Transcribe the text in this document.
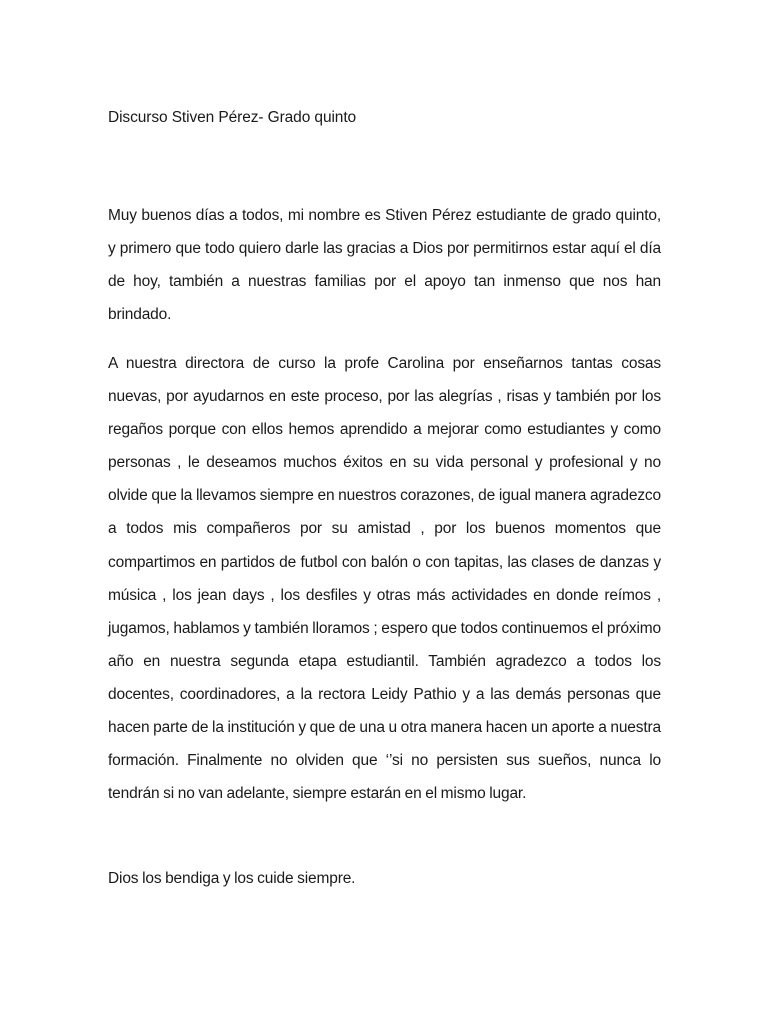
Discurso Stiven Pérez- Grado quinto

Muy buenos días a todos, mi nombre es Stiven Pérez estudiante de grado quinto, y primero que todo quiero darle las gracias a Dios por permitirnos estar aquí el día de hoy, también a nuestras familias por el apoyo tan inmenso que nos han brindado.

A nuestra directora de curso la profe Carolina por enseñarnos tantas cosas nuevas, por ayudarnos en este proceso, por las alegrías , risas y también por los regaños porque con ellos hemos aprendido a mejorar como estudiantes y como personas , le deseamos muchos éxitos en su vida personal y profesional y no olvide que la llevamos siempre en nuestros corazones, de igual manera agradezco a todos mis compañeros por su amistad , por los buenos momentos que compartimos en partidos de futbol con balón o con tapitas, las clases de danzas y música , los jean days , los desfiles y otras más actividades en donde reímos , jugamos, hablamos y también lloramos ; espero que todos continuemos el próximo año en nuestra segunda etapa estudiantil. También agradezco a todos los docentes, coordinadores, a la rectora Leidy Pathio y a las demás personas que hacen parte de la institución y que de una u otra manera hacen un aporte a nuestra formación. Finalmente no olviden que ‘’si no persisten sus sueños, nunca lo tendrán si no van adelante, siempre estarán en el mismo lugar.

Dios los bendiga y los cuide siempre.
